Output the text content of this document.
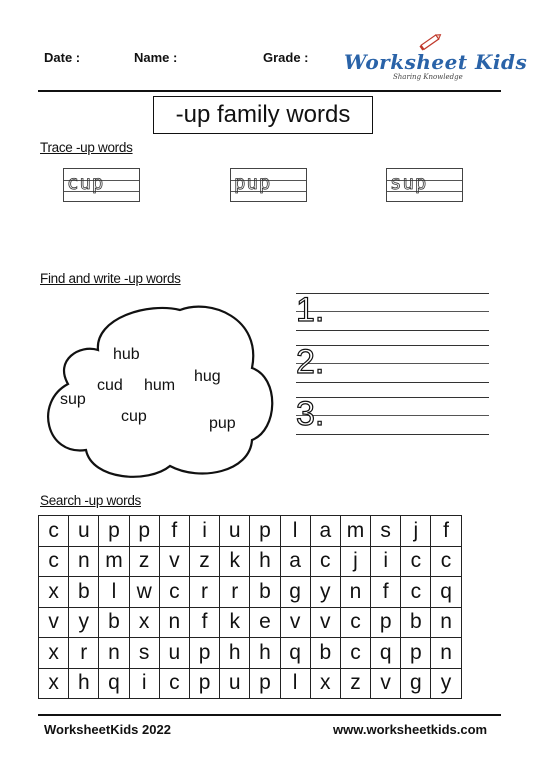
Date :	Name :	Grade : Worksheet Kids
Sharing Knowledge
-up family words
Trace -up words
cup	pup	sup
Find and write -up words
hub
hug
cud hum
sup
cup	pup
1.
2.
3.
Search -up words
c	u	p	p	f	i	u	p	l	a	m	s	j	f
c	n	m	z	v	z	k	h	a	c	j	i	c	c
x	b	l	w	c	r	r	b	g	y	n	f	c	q
v	y	b	x	n	f	k	e	v	v	c	p	b	n
x	r	n	s	u	p	h	h	q	b	c	q	p	n
x	h	q	i	c	p	u	p	l	x	z	v	g	y
WorksheetKids 2022	www.worksheetkids.com
